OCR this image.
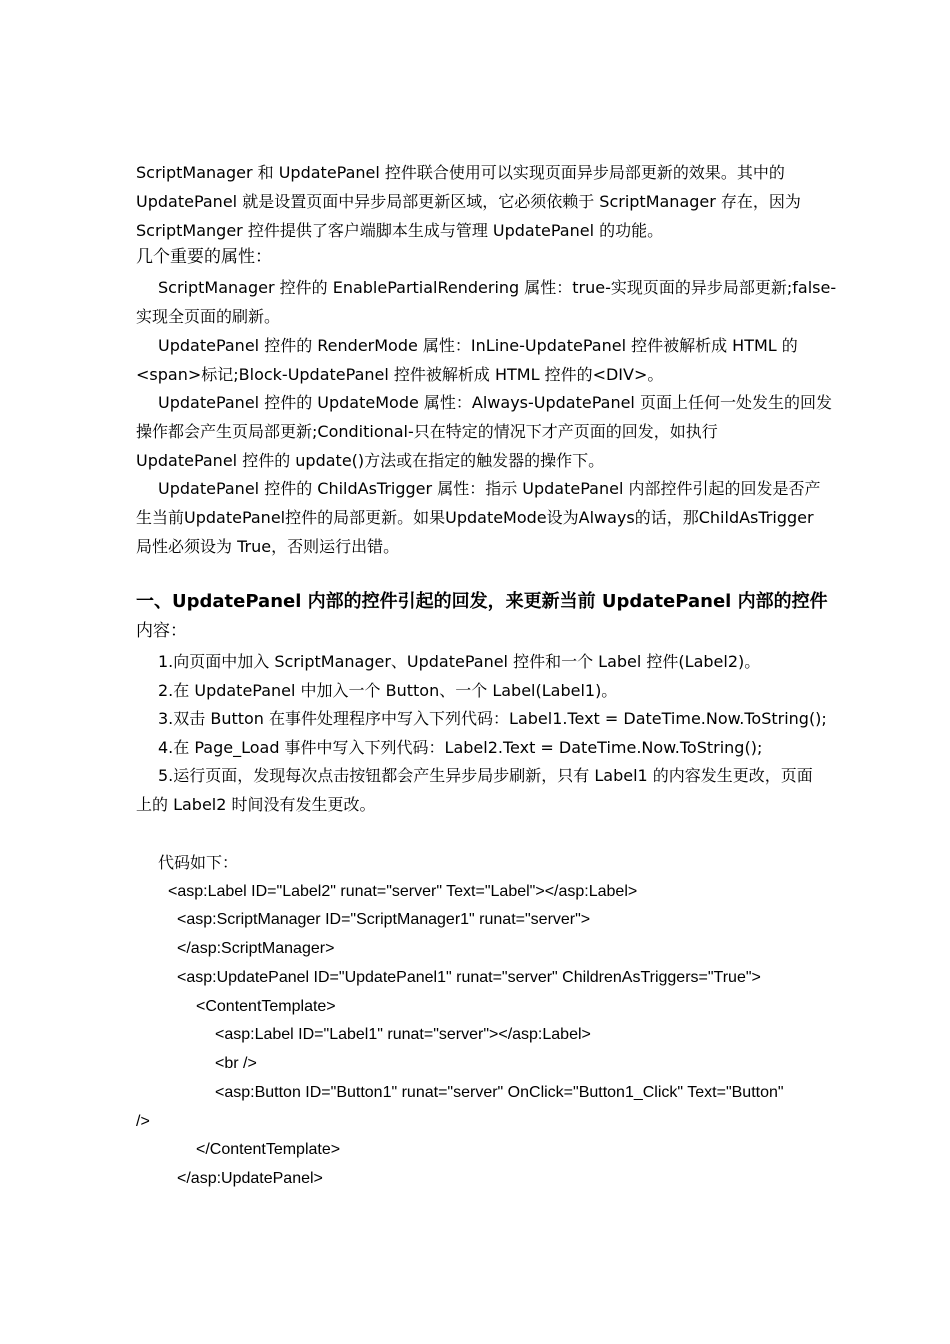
ScriptManager 和 UpdatePanel 控件联合使用可以实现页面异步局部更新的效果。其中的
UpdatePanel 就是设置页面中异步局部更新区域，它必须依赖于 ScriptManager 存在，因为
ScriptManger 控件提供了客户端脚本生成与管理 UpdatePanel 的功能。
几个重要的属性：
ScriptManager 控件的 EnablePartialRendering 属性：true-实现页面的异步局部更新;false-
实现全页面的刷新。
UpdatePanel 控件的 RenderMode 属性：InLine-UpdatePanel 控件被解析成 HTML 的
<span>标记;Block-UpdatePanel 控件被解析成 HTML 控件的<DIV>。
UpdatePanel 控件的 UpdateMode 属性：Always-UpdatePanel 页面上任何一处发生的回发
操作都会产生页局部更新;Conditional-只在特定的情况下才产页面的回发，如执行
UpdatePanel 控件的 update()方法或在指定的触发器的操作下。
UpdatePanel 控件的 ChildAsTrigger 属性：指示 UpdatePanel 内部控件引起的回发是否产
生当前UpdatePanel控件的局部更新。如果UpdateMode设为Always的话，那ChildAsTrigger
局性必须设为 True，否则运行出错。
一、UpdatePanel 内部的控件引起的回发，来更新当前 UpdatePanel 内部的控件
内容：
1.向页面中加入 ScriptManager、UpdatePanel 控件和一个 Label 控件(Label2)。
2.在 UpdatePanel 中加入一个 Button、一个 Label(Label1)。
3.双击 Button 在事件处理程序中写入下列代码：Label1.Text = DateTime.Now.ToString();
4.在 Page_Load 事件中写入下列代码：Label2.Text = DateTime.Now.ToString();
5.运行页面，发现每次点击按钮都会产生异步局步刷新，只有 Label1 的内容发生更改，页面
上的 Label2 时间没有发生更改。
代码如下：
<asp:Label ID="Label2" runat="server" Text="Label"></asp:Label>
<asp:ScriptManager ID="ScriptManager1" runat="server">
</asp:ScriptManager>
<asp:UpdatePanel ID="UpdatePanel1" runat="server" ChildrenAsTriggers="True">
<ContentTemplate>
<asp:Label ID="Label1" runat="server"></asp:Label>
<br />
<asp:Button ID="Button1" runat="server" OnClick="Button1_Click" Text="Button"
/>
</ContentTemplate>
</asp:UpdatePanel>
